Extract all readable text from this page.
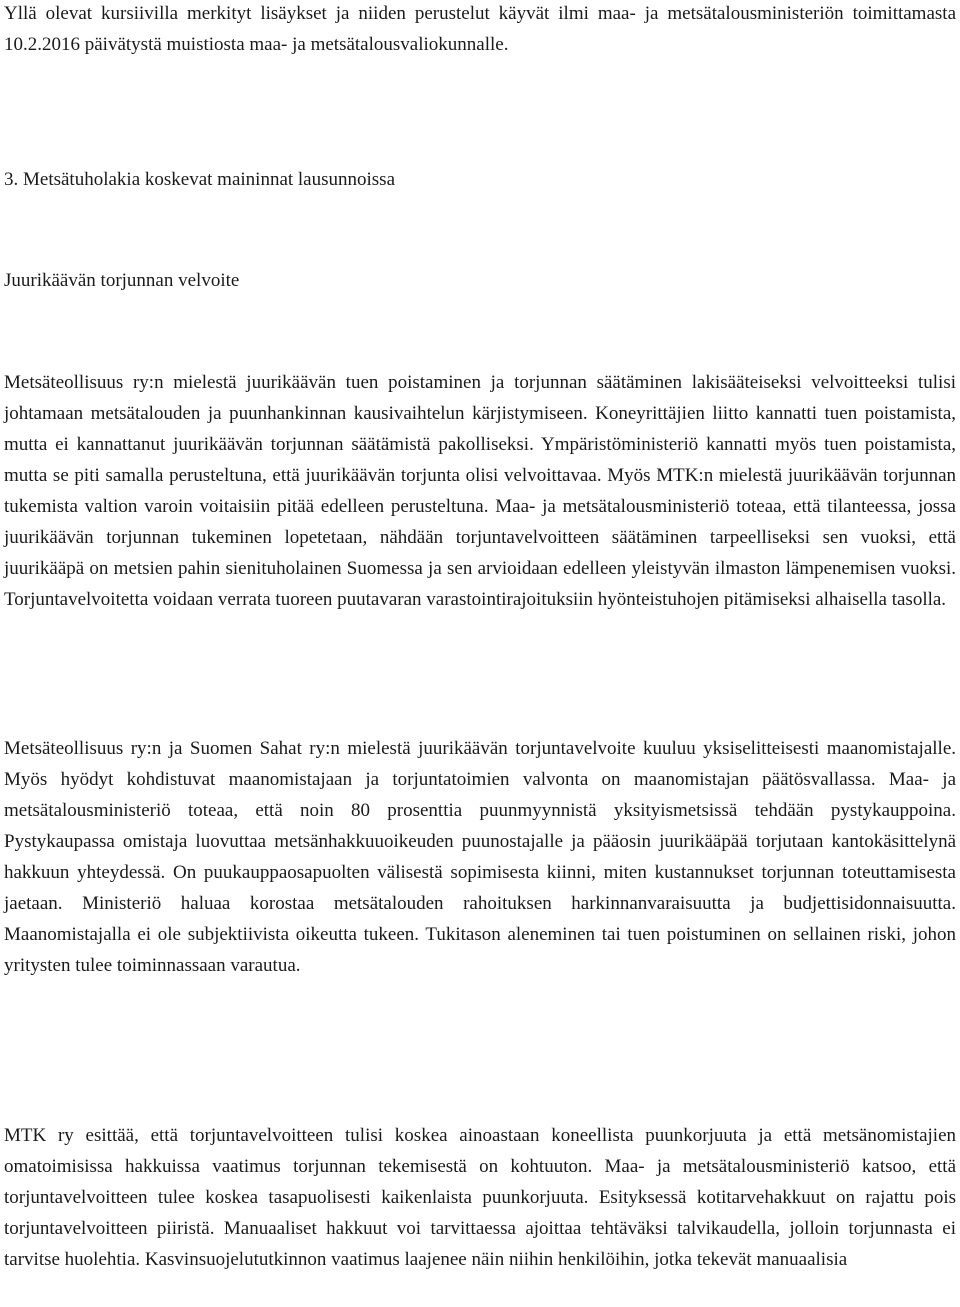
Yllä olevat kursiivilla merkityt lisäykset ja niiden perustelut käyvät ilmi maa- ja metsätalousministeriön toimittamasta 10.2.2016 päivätystä muistiosta maa- ja metsätalousvaliokunnalle.

3. Metsätuholakia koskevat maininnat lausunnoissa
Juurikäävän torjunnan velvoite

Metsäteollisuus ry:n mielestä juurikäävän tuen poistaminen ja torjunnan säätäminen lakisääteiseksi velvoitteeksi tulisi johtamaan metsätalouden ja puunhankinnan kausivaihtelun kärjistymiseen. Koneyrittäjien liitto kannatti tuen poistamista, mutta ei kannattanut juurikäävän torjunnan säätämistä pakolliseksi. Ympäristöministeriö kannatti myös tuen poistamista, mutta se piti samalla perusteltuna, että juurikäävän torjunta olisi velvoittavaa. Myös MTK:n mielestä juurikäävän torjunnan tukemista valtion varoin voitaisiin pitää edelleen perusteltuna. Maa- ja metsätalousministeriö toteaa, että tilanteessa, jossa juurikäävän torjunnan tukeminen lopetetaan, nähdään torjuntavelvoitteen säätäminen tarpeelliseksi sen vuoksi, että juurikääpä on metsien pahin sienituholainen Suomessa ja sen arvioidaan edelleen yleistyvän ilmaston lämpenemisen vuoksi. Torjuntavelvoitetta voidaan verrata tuoreen puutavaran varastointirajoituksiin hyönteistuhojen pitämiseksi alhaisella tasolla.

Metsäteollisuus ry:n ja Suomen Sahat ry:n mielestä juurikäävän torjuntavelvoite kuuluu yksiselitteisesti maanomistajalle. Myös hyödyt kohdistuvat maanomistajaan ja torjuntatoimien valvonta on maanomistajan päätösvallassa. Maa- ja metsätalousministeriö toteaa, että noin 80 prosenttia puunmyynnistä yksityismetsissä tehdään pystykauppoina. Pystykaupassa omistaja luovuttaa metsänhakkuuoikeuden puunostajalle ja pääosin juurikääpää torjutaan kantokäsittelynä hakkuun yhteydessä. On puukauppaosapuolten välisestä sopimisesta kiinni, miten kustannukset torjunnan toteuttamisesta jaetaan. Ministeriö haluaa korostaa metsätalouden rahoituksen harkinnanvaraisuutta ja budjettisidonnaisuutta. Maanomistajalla ei ole subjektiivista oikeutta tukeen. Tukitason aleneminen tai tuen poistuminen on sellainen riski, johon yritysten tulee toiminnassaan varautua.

MTK ry esittää, että torjuntavelvoitteen tulisi koskea ainoastaan koneellista puunkorjuuta ja että metsänomistajien omatoimisissa hakkuissa vaatimus torjunnan tekemisestä on kohtuuton. Maa- ja metsätalousministeriö katsoo, että torjuntavelvoitteen tulee koskea tasapuolisesti kaikenlaista puunkorjuuta. Esityksessä kotitarvehakkuut on rajattu pois torjuntavelvoitteen piiristä. Manuaaliset hakkuut voi tarvittaessa ajoittaa tehtäväksi talvikaudella, jolloin torjunnasta ei tarvitse huolehtia. Kasvinsuojelututkinnon vaatimus laajenee näin niihin henkilöihin, jotka tekevät manuaalisia
